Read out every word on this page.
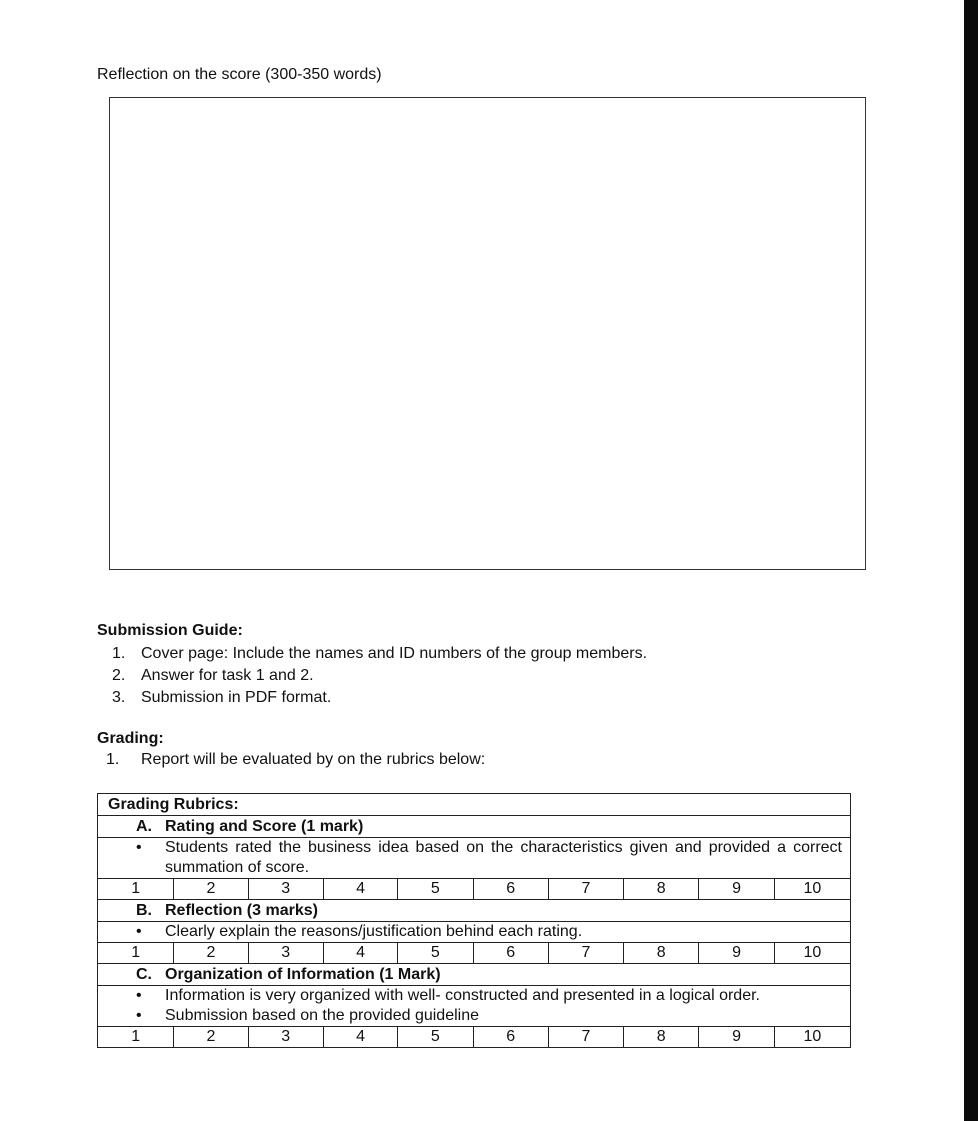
Reflection on the score (300-350 words)
Submission Guide:
1. Cover page: Include the names and ID numbers of the group members.
2. Answer for task 1 and 2.
3. Submission in PDF format.
Grading:
1.	Report will be evaluated by on the rubrics below:
Grading Rubrics:
A. Rating and Score (1 mark)
•	Students rated the business idea based on the characteristics given and provided a correct summation of score.
1	2	3	4	5	6	7	8	9	10
B. Reflection (3 marks)
•	Clearly explain the reasons/justification behind each rating.
1	2	3	4	5	6	7	8	9	10
C. Organization of Information (1 Mark)
•	Information is very organized with well- constructed and presented in a logical order.
•	Submission based on the provided guideline
1	2	3	4	5	6	7	8	9	10
